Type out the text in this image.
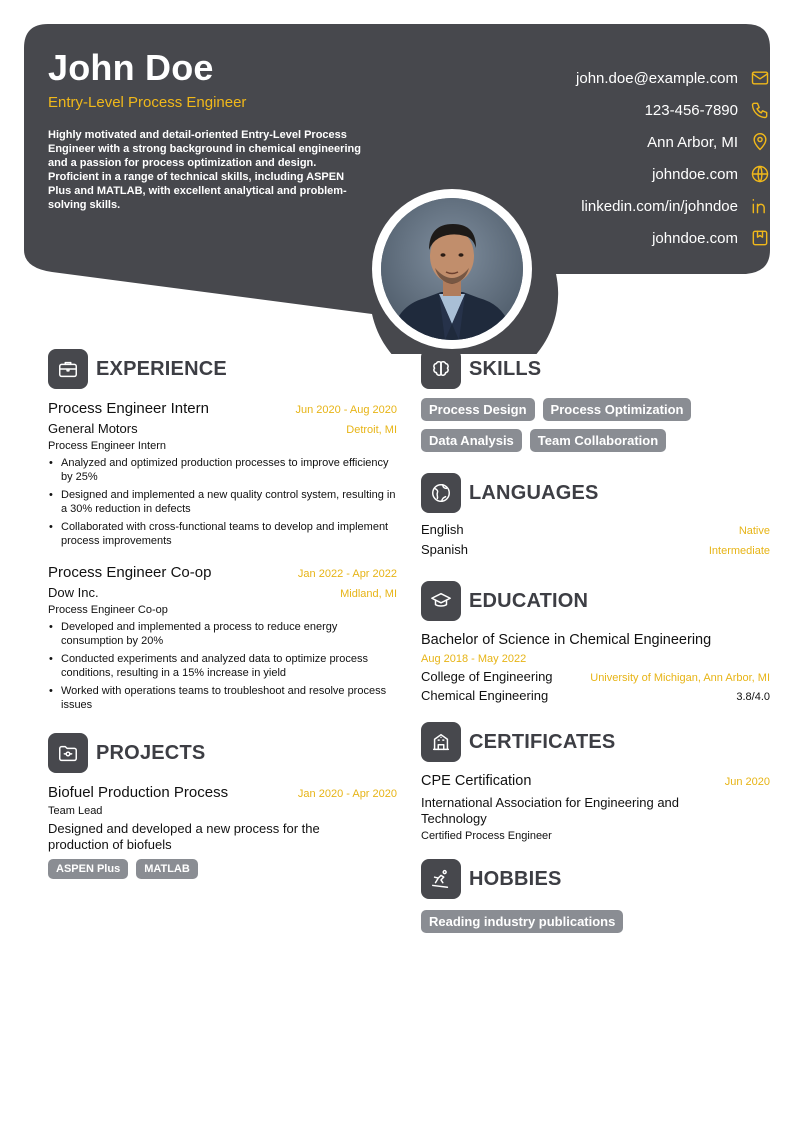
John Doe
Entry-Level Process Engineer
Highly motivated and detail-oriented Entry-Level Process Engineer with a strong background in chemical engineering and a passion for process optimization and design. Proficient in a range of technical skills, including ASPEN Plus and MATLAB, with excellent analytical and problem-solving skills.
john.doe@example.com
123-456-7890
Ann Arbor, MI
johndoe.com
linkedin.com/in/johndoe
johndoe.com
EXPERIENCE
Process Engineer Intern	Jun 2020 - Aug 2020
General Motors	Detroit, MI
Process Engineer Intern
• Analyzed and optimized production processes to improve efficiency by 25%
• Designed and implemented a new quality control system, resulting in a 30% reduction in defects
• Collaborated with cross-functional teams to develop and implement process improvements
Process Engineer Co-op	Jan 2022 - Apr 2022
Dow Inc.	Midland, MI
Process Engineer Co-op
• Developed and implemented a process to reduce energy consumption by 20%
• Conducted experiments and analyzed data to optimize process conditions, resulting in a 15% increase in yield
• Worked with operations teams to troubleshoot and resolve process issues
PROJECTS
Biofuel Production Process	Jan 2020 - Apr 2020
Team Lead
Designed and developed a new process for the production of biofuels
ASPEN Plus	MATLAB
SKILLS
Process Design	Process Optimization
Data Analysis	Team Collaboration
LANGUAGES
English	Native
Spanish	Intermediate
EDUCATION
Bachelor of Science in Chemical Engineering
Aug 2018 - May 2022
College of Engineering	University of Michigan, Ann Arbor, MI
Chemical Engineering	3.8/4.0
CERTIFICATES
CPE Certification	Jun 2020
International Association for Engineering and Technology
Certified Process Engineer
HOBBIES
Reading industry publications
